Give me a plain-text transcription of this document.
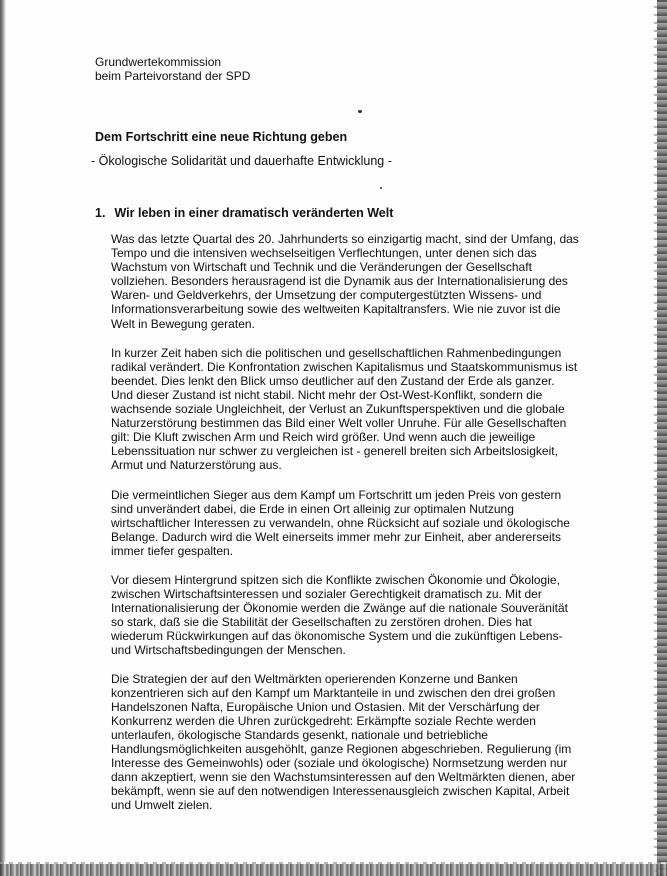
Grundwertekommission
beim Parteivorstand der SPD
Dem Fortschritt eine neue Richtung geben
- Ökologische Solidarität und dauerhafte Entwicklung -
1. Wir leben in einer dramatisch veränderten Welt
Was das letzte Quartal des 20. Jahrhunderts so einzigartig macht, sind der Umfang, das
Tempo und die intensiven wechselseitigen Verflechtungen, unter denen sich das
Wachstum von Wirtschaft und Technik und die Veränderungen der Gesellschaft
vollziehen. Besonders herausragend ist die Dynamik aus der Internationalisierung des
Waren- und Geldverkehrs, der Umsetzung der computergestützten Wissens- und
Informationsverarbeitung sowie des weltweiten Kapitaltransfers. Wie nie zuvor ist die
Welt in Bewegung geraten.
In kurzer Zeit haben sich die politischen und gesellschaftlichen Rahmenbedingungen
radikal verändert. Die Konfrontation zwischen Kapitalismus und Staatskommunismus ist
beendet. Dies lenkt den Blick umso deutlicher auf den Zustand der Erde als ganzer.
Und dieser Zustand ist nicht stabil. Nicht mehr der Ost-West-Konflikt, sondern die
wachsende soziale Ungleichheit, der Verlust an Zukunftsperspektiven und die globale
Naturzerstörung bestimmen das Bild einer Welt voller Unruhe. Für alle Gesellschaften
gilt: Die Kluft zwischen Arm und Reich wird größer. Und wenn auch die jeweilige
Lebenssituation nur schwer zu vergleichen ist - generell breiten sich Arbeitslosigkeit,
Armut und Naturzerstörung aus.
Die vermeintlichen Sieger aus dem Kampf um Fortschritt um jeden Preis von gestern
sind unverändert dabei, die Erde in einen Ort alleinig zur optimalen Nutzung
wirtschaftlicher Interessen zu verwandeln, ohne Rücksicht auf soziale und ökologische
Belange. Dadurch wird die Welt einerseits immer mehr zur Einheit, aber andererseits
immer tiefer gespalten.
Vor diesem Hintergrund spitzen sich die Konflikte zwischen Ökonomie und Ökologie,
zwischen Wirtschaftsinteressen und sozialer Gerechtigkeit dramatisch zu. Mit der
Internationalisierung der Ökonomie werden die Zwänge auf die nationale Souveränität
so stark, daß sie die Stabilität der Gesellschaften zu zerstören drohen. Dies hat
wiederum Rückwirkungen auf das ökonomische System und die zukünftigen Lebens-
und Wirtschaftsbedingungen der Menschen.
Die Strategien der auf den Weltmärkten operierenden Konzerne und Banken
konzentrieren sich auf den Kampf um Marktanteile in und zwischen den drei großen
Handelszonen Nafta, Europäische Union und Ostasien. Mit der Verschärfung der
Konkurrenz werden die Uhren zurückgedreht: Erkämpfte soziale Rechte werden
unterlaufen, ökologische Standards gesenkt, nationale und betriebliche
Handlungsmöglichkeiten ausgehöhlt, ganze Regionen abgeschrieben. Regulierung (im
Interesse des Gemeinwohls) oder (soziale und ökologische) Normsetzung werden nur
dann akzeptiert, wenn sie den Wachstumsinteressen auf den Weltmärkten dienen, aber
bekämpft, wenn sie auf den notwendigen Interessenausgleich zwischen Kapital, Arbeit
und Umwelt zielen.
